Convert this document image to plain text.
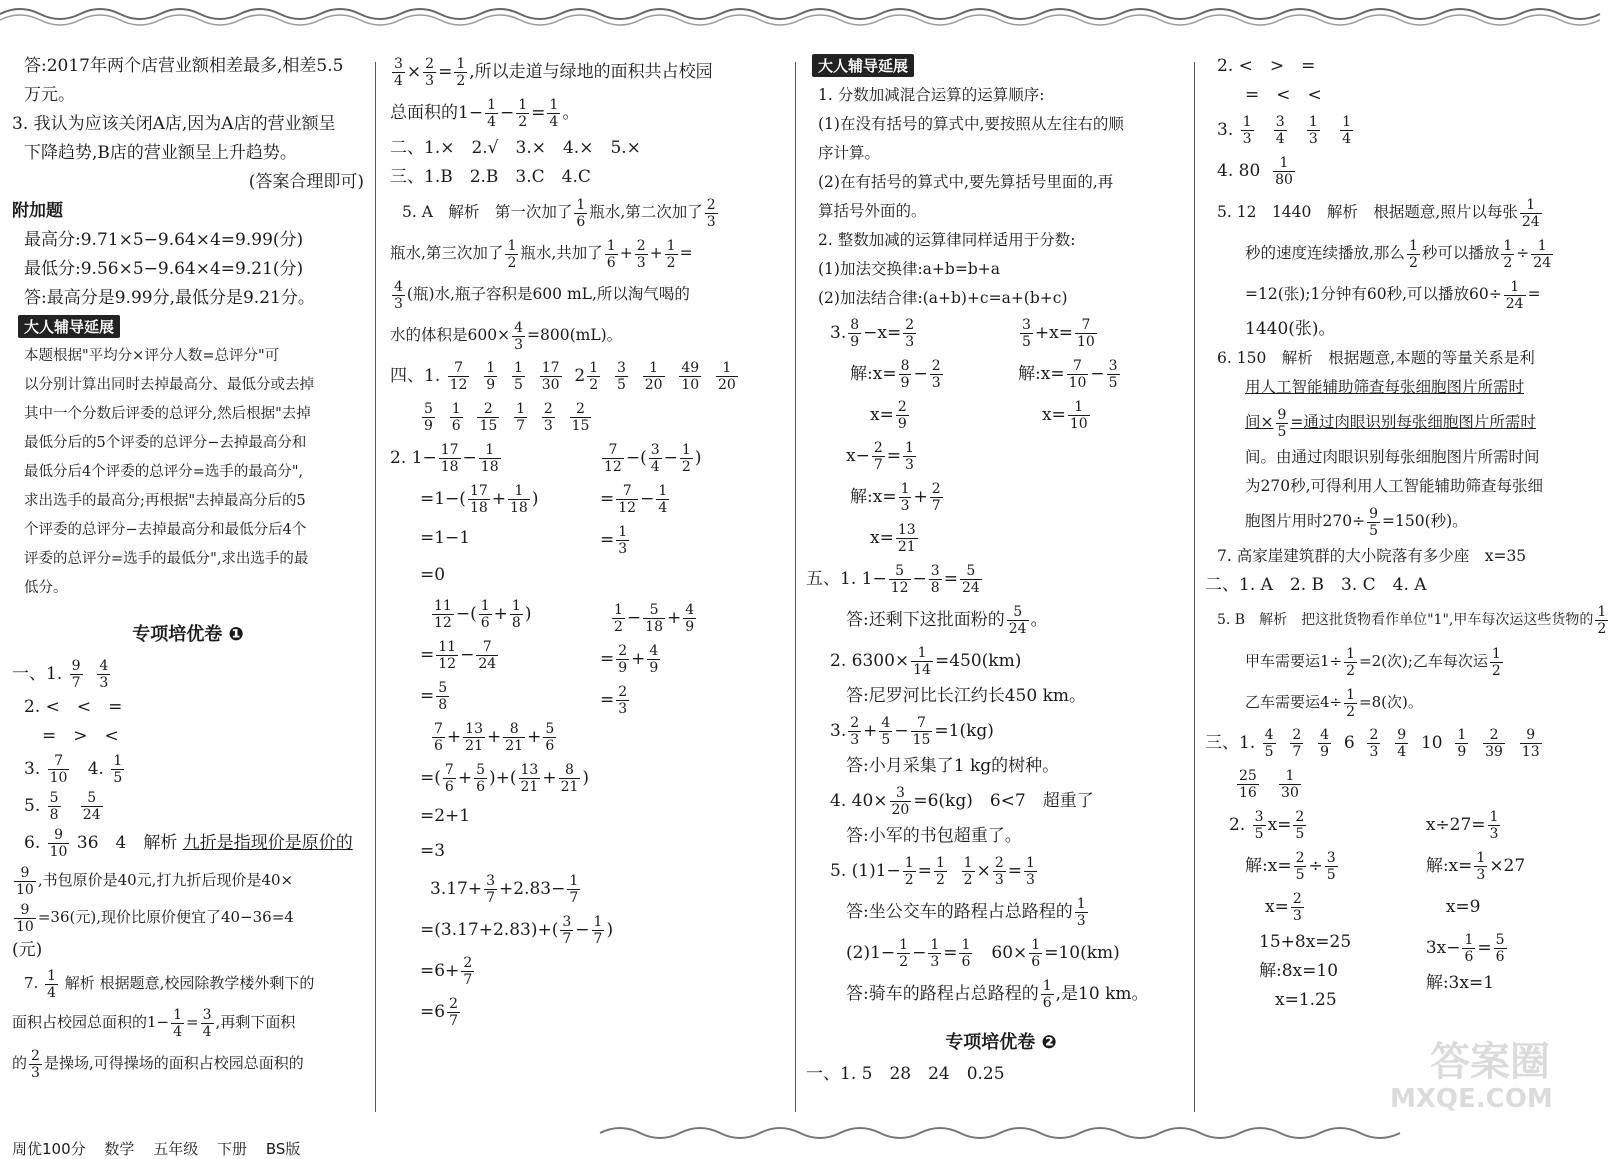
答:2017年两个店营业额相差最多,相差5.5
万元。
3. 我认为应该关闭A店,因为A店的营业额呈
下降趋势,B店的营业额呈上升趋势。
(答案合理即可)
附加题
最高分:9.71×5−9.64×4=9.99(分)
最低分:9.56×5−9.64×4=9.21(分)
答:最高分是9.99分,最低分是9.21分。
大人辅导延展
本题根据"平均分×评分人数=总评分"可
以分别计算出同时去掉最高分、最低分或去掉
其中一个分数后评委的总评分,然后根据"去掉
最低分后的5个评委的总评分−去掉最高分和
最低分后4个评委的总评分=选手的最高分",
求出选手的最高分;再根据"去掉最高分后的5
个评委的总评分−去掉最高分和最低分后4个
评委的总评分=选手的最低分",求出选手的最
低分。
专项培优卷 ❶
一、1. $\frac{9}{7}$
$\frac{4}{3}$
2. <　<　=
=　>　<
3. $\frac{7}{10} 4$. $\frac{1}{5}$
5. $\frac{5}{8}$
$\frac{5}{24}$
6. $\frac{9}{10} 36$　4　解析 九折是指现价是原价的
$\frac{9}{10}$ ,书包原价是40元,打九折后现价是40×
$\frac{9}{10} =36$(元),现价比原价便宜了40−36=4
(元)
7. $\frac{1}{4}$ 解析 根据题意,校园除教学楼外剩下的
面积占校园总面积的$1- \frac{1}{4} = \frac{3}{4}$ ,再剩下面积
的 $\frac{2}{3}$ 是操场,可得操场的面积占校园总面积的
周优100分 数学 五年级 下册 BS版
$\frac{3}{4} \times \frac{2}{3} = \frac{1}{2}$ ,所以走道与绿地的面积共占校园
总面积的$1- \frac{1}{4} - \frac{1}{2} = \frac{1}{4}$ 。
二、1.×　2.√　3.×　4.×　5.×
三、1.B　2.B　3.C　4.C
5. A　解析　第一次加了 $\frac{1}{6}$ 瓶水,第二次加了 $\frac{2}{3}$
瓶水,第三次加了 $\frac{1}{2}$ 瓶水,共加了 $\frac{1}{6} + \frac{2}{3} + \frac{1}{2}$ =
$\frac{4}{3}$ (瓶)水,瓶子容积是600 mL,所以淘气喝的
水的体积是$600\times \frac{4}{3} =800(mL)$。
四、1. $\frac{7}{12}$
$\frac{1}{9}$
$\frac{1}{5}$
$\frac{17}{30} 2 \frac{1}{2}$
$\frac{3}{5}$
$\frac{1}{20}$
$\frac{49}{10}$
$\frac{1}{20}$
$\frac{5}{9}$
$\frac{1}{6}$
$\frac{2}{15}$
$\frac{1}{7}$
$\frac{2}{3}$
$\frac{2}{15}$
2. $1- \frac{17}{18} - \frac{1}{18}$
$=1-( \frac{17}{18} + \frac{1}{18}$ )
=1−1
=0
$\frac{11}{12}$ −( $\frac{1}{6} + \frac{1}{8}$ )
= $\frac{11}{12} - \frac{7}{24}$
= $\frac{5}{8}$
$\frac{7}{6} + \frac{13}{21} + \frac{8}{21} + \frac{5}{6}$
=( $\frac{7}{6} + \frac{5}{6}$ )+( $\frac{13}{21} + \frac{8}{21}$ )
=2+1
=3
$3.17+ \frac{3}{7} +2.83- \frac{1}{7}$
$=(3.17+2.83)+( \frac{3}{7} - \frac{1}{7}$ )
$=6+ \frac{2}{7}$
$=6 \frac{2}{7}$
$\frac{7}{12}$ −( $\frac{3}{4} - \frac{1}{2}$ )
= $\frac{7}{12} - \frac{1}{4}$
= $\frac{1}{3}$

$\frac{1}{2} - \frac{5}{18} + \frac{4}{9}$
= $\frac{2}{9} + \frac{4}{9}$
= $\frac{2}{3}$
大人辅导延展
1. 分数加减混合运算的运算顺序:
(1)在没有括号的算式中,要按照从左往右的顺
序计算。
(2)在有括号的算式中,要先算括号里面的,再
算括号外面的。
2. 整数加减的运算律同样适用于分数:
(1)加法交换律:a+b=b+a
(2)加法结合律:(a+b)+c=a+(b+c)
3. $\frac{8}{9} -x= \frac{2}{3}$
解:x= $\frac{8}{9} - \frac{2}{3}$
$x= \frac{2}{9}$
$x- \frac{2}{7} = \frac{1}{3}$
解:x= $\frac{1}{3} + \frac{2}{7}$
$x= \frac{13}{21}$
$\frac{3}{5} +x= \frac{7}{10}$
解:x= $\frac{7}{10} - \frac{3}{5}$
$x= \frac{1}{10}$
五、1. $1- \frac{5}{12} - \frac{3}{8} = \frac{5}{24}$
答:还剩下这批面粉的 $\frac{5}{24}$ 。
2. $6300\times \frac{1}{14} =450(km)$
答:尼罗河比长江约长450 km。
3. $\frac{2}{3} + \frac{4}{5} - \frac{7}{15} =1(kg)$
答:小月采集了1 kg的树种。
4. $40\times \frac{3}{20} =6(kg)$　6<7　超重了
答:小军的书包超重了。
5. $(1)1- \frac{1}{2} = \frac{1}{2}$
$\frac{1}{2} \times \frac{2}{3} = \frac{1}{3}$
答:坐公交车的路程占总路程的 $\frac{1}{3}$
$(2)1- \frac{1}{2} - \frac{1}{3} = \frac{1}{6}$ 　$60\times \frac{1}{6} =10(km)$
答:骑车的路程占总路程的 $\frac{1}{6}$ ,是10 km。
专项培优卷 ❷
一、1. 5　28　24　0.25
2. <　>　=
=　<　<
3. $\frac{1}{3}$
$\frac{3}{4}$
$\frac{1}{3}$
$\frac{1}{4}$
4. $80 \frac{1}{80}$
5. 12　1440　解析　根据题意,照片以每张 $\frac{1}{24}$
秒的速度连续播放,那么 $\frac{1}{2}$ 秒可以播放 $\frac{1}{2} \div \frac{1}{24}$
=12(张);1分钟有60秒,可以播放$60\div \frac{1}{24}$ =
1440(张)。
6. 150　解析　根据题意,本题的等量关系是利
用人工智能辅助筛查每张细胞图片所需时
间× $\frac{9}{5}$ =通过肉眼识别每张细胞图片所需时
间。由通过肉眼识别每张细胞图片所需时间
为270秒,可得利用人工智能辅助筛查每张细
胞图片用时$270\div \frac{9}{5} =150$(秒)。
7. 高家崖建筑群的大小院落有多少座　x=35
二、1. A　2. B　3. C　4. A
5. B　解析　把这批货物看作单位"1",甲车每次运这些货物的 $\frac{1}{2}$
甲车需要运$1\div \frac{1}{2} =2$(次);乙车每次运 $\frac{1}{2}$
乙车需要运$4\div \frac{1}{2} =8$(次)。
三、1. $\frac{4}{5}$
$\frac{2}{7}$
$\frac{4}{9} 6 \frac{2}{3}$
$\frac{9}{4} 10 \frac{1}{9}$
$\frac{2}{39}$
$\frac{9}{13}$
$\frac{25}{16}$
$\frac{1}{30}$
2. $\frac{3}{5} x= \frac{2}{5}$
解:x= $\frac{2}{5} \div \frac{3}{5}$
$x= \frac{2}{3}$
15+8x=25
解:8x=10
x=1.25
$x\div 27= \frac{1}{3}$
解:x= $\frac{1}{3} \times 27$
x=9
$3x- \frac{1}{6} = \frac{5}{6}$
解:3x=1
答案圈
MXQE.COM
